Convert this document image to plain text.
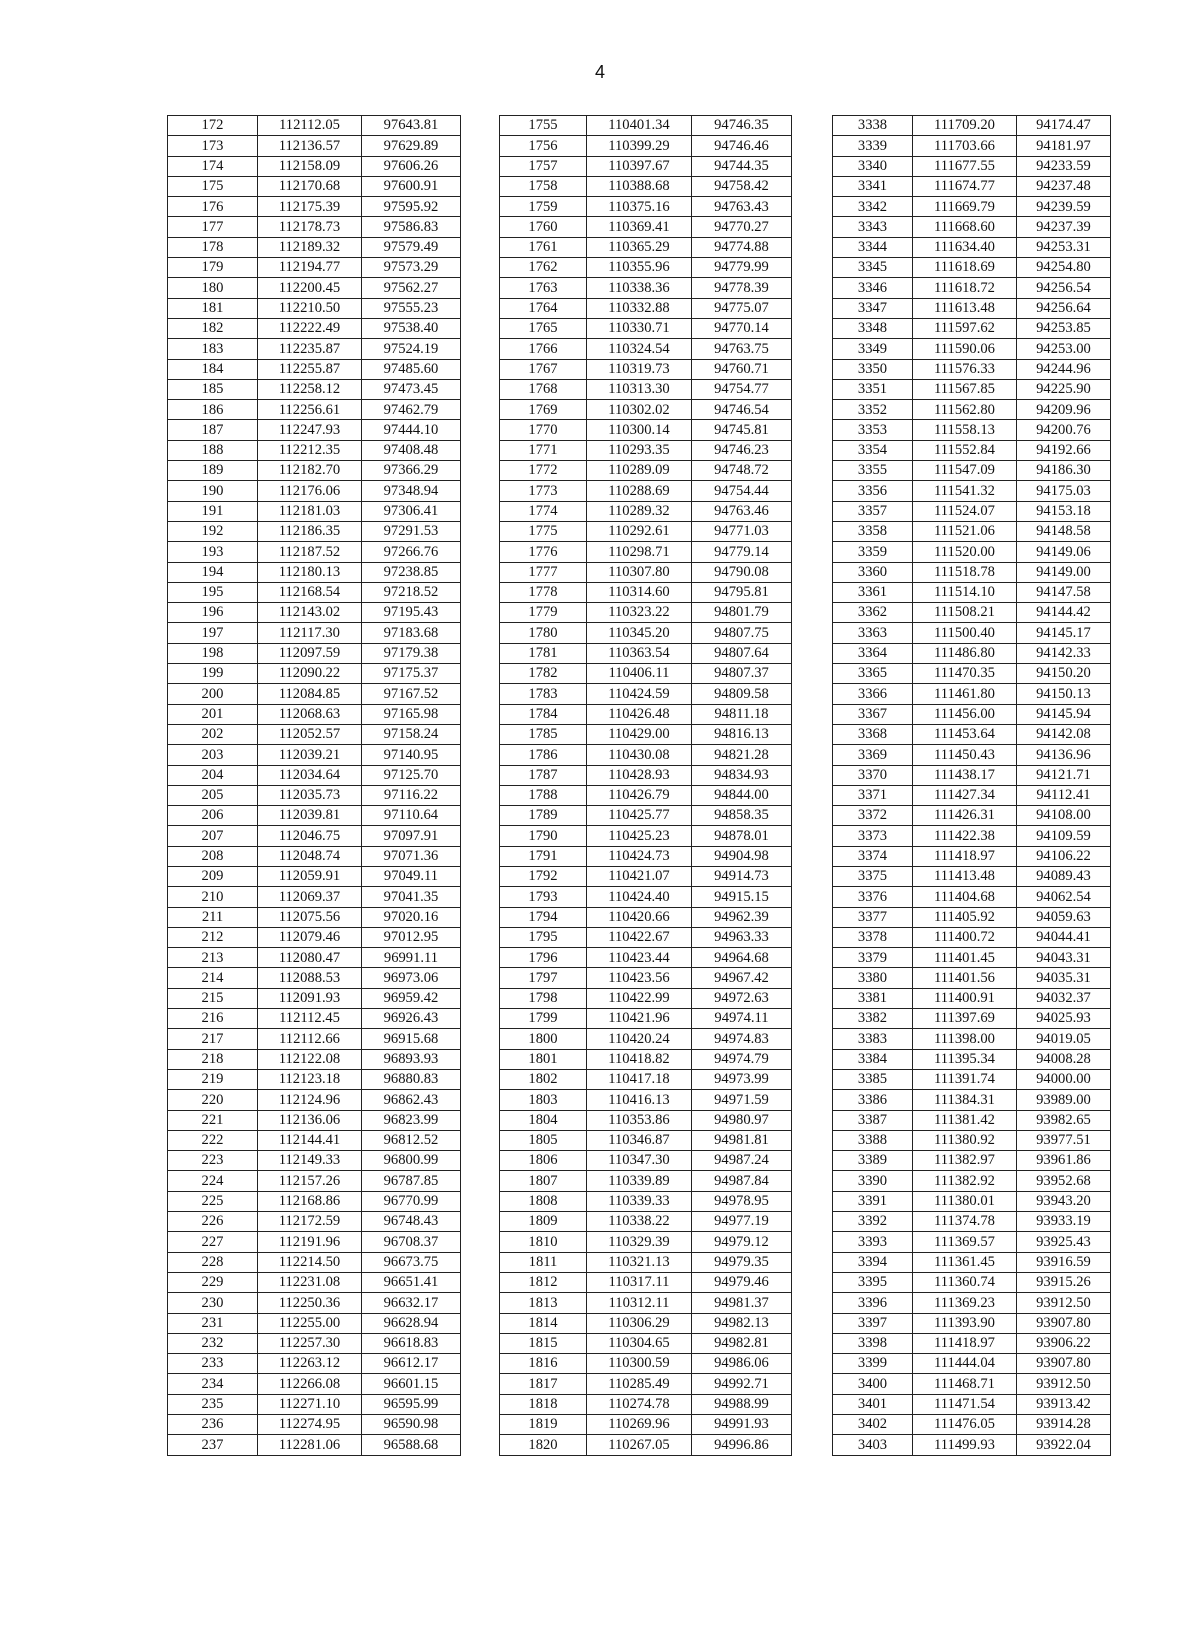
4
172	112112.05	97643.81
173	112136.57	97629.89
174	112158.09	97606.26
175	112170.68	97600.91
176	112175.39	97595.92
177	112178.73	97586.83
178	112189.32	97579.49
179	112194.77	97573.29
180	112200.45	97562.27
181	112210.50	97555.23
182	112222.49	97538.40
183	112235.87	97524.19
184	112255.87	97485.60
185	112258.12	97473.45
186	112256.61	97462.79
187	112247.93	97444.10
188	112212.35	97408.48
189	112182.70	97366.29
190	112176.06	97348.94
191	112181.03	97306.41
192	112186.35	97291.53
193	112187.52	97266.76
194	112180.13	97238.85
195	112168.54	97218.52
196	112143.02	97195.43
197	112117.30	97183.68
198	112097.59	97179.38
199	112090.22	97175.37
200	112084.85	97167.52
201	112068.63	97165.98
202	112052.57	97158.24
203	112039.21	97140.95
204	112034.64	97125.70
205	112035.73	97116.22
206	112039.81	97110.64
207	112046.75	97097.91
208	112048.74	97071.36
209	112059.91	97049.11
210	112069.37	97041.35
211	112075.56	97020.16
212	112079.46	97012.95
213	112080.47	96991.11
214	112088.53	96973.06
215	112091.93	96959.42
216	112112.45	96926.43
217	112112.66	96915.68
218	112122.08	96893.93
219	112123.18	96880.83
220	112124.96	96862.43
221	112136.06	96823.99
222	112144.41	96812.52
223	112149.33	96800.99
224	112157.26	96787.85
225	112168.86	96770.99
226	112172.59	96748.43
227	112191.96	96708.37
228	112214.50	96673.75
229	112231.08	96651.41
230	112250.36	96632.17
231	112255.00	96628.94
232	112257.30	96618.83
233	112263.12	96612.17
234	112266.08	96601.15
235	112271.10	96595.99
236	112274.95	96590.98
237	112281.06	96588.68
1755	110401.34	94746.35
1756	110399.29	94746.46
1757	110397.67	94744.35
1758	110388.68	94758.42
1759	110375.16	94763.43
1760	110369.41	94770.27
1761	110365.29	94774.88
1762	110355.96	94779.99
1763	110338.36	94778.39
1764	110332.88	94775.07
1765	110330.71	94770.14
1766	110324.54	94763.75
1767	110319.73	94760.71
1768	110313.30	94754.77
1769	110302.02	94746.54
1770	110300.14	94745.81
1771	110293.35	94746.23
1772	110289.09	94748.72
1773	110288.69	94754.44
1774	110289.32	94763.46
1775	110292.61	94771.03
1776	110298.71	94779.14
1777	110307.80	94790.08
1778	110314.60	94795.81
1779	110323.22	94801.79
1780	110345.20	94807.75
1781	110363.54	94807.64
1782	110406.11	94807.37
1783	110424.59	94809.58
1784	110426.48	94811.18
1785	110429.00	94816.13
1786	110430.08	94821.28
1787	110428.93	94834.93
1788	110426.79	94844.00
1789	110425.77	94858.35
1790	110425.23	94878.01
1791	110424.73	94904.98
1792	110421.07	94914.73
1793	110424.40	94915.15
1794	110420.66	94962.39
1795	110422.67	94963.33
1796	110423.44	94964.68
1797	110423.56	94967.42
1798	110422.99	94972.63
1799	110421.96	94974.11
1800	110420.24	94974.83
1801	110418.82	94974.79
1802	110417.18	94973.99
1803	110416.13	94971.59
1804	110353.86	94980.97
1805	110346.87	94981.81
1806	110347.30	94987.24
1807	110339.89	94987.84
1808	110339.33	94978.95
1809	110338.22	94977.19
1810	110329.39	94979.12
1811	110321.13	94979.35
1812	110317.11	94979.46
1813	110312.11	94981.37
1814	110306.29	94982.13
1815	110304.65	94982.81
1816	110300.59	94986.06
1817	110285.49	94992.71
1818	110274.78	94988.99
1819	110269.96	94991.93
1820	110267.05	94996.86
3338	111709.20	94174.47
3339	111703.66	94181.97
3340	111677.55	94233.59
3341	111674.77	94237.48
3342	111669.79	94239.59
3343	111668.60	94237.39
3344	111634.40	94253.31
3345	111618.69	94254.80
3346	111618.72	94256.54
3347	111613.48	94256.64
3348	111597.62	94253.85
3349	111590.06	94253.00
3350	111576.33	94244.96
3351	111567.85	94225.90
3352	111562.80	94209.96
3353	111558.13	94200.76
3354	111552.84	94192.66
3355	111547.09	94186.30
3356	111541.32	94175.03
3357	111524.07	94153.18
3358	111521.06	94148.58
3359	111520.00	94149.06
3360	111518.78	94149.00
3361	111514.10	94147.58
3362	111508.21	94144.42
3363	111500.40	94145.17
3364	111486.80	94142.33
3365	111470.35	94150.20
3366	111461.80	94150.13
3367	111456.00	94145.94
3368	111453.64	94142.08
3369	111450.43	94136.96
3370	111438.17	94121.71
3371	111427.34	94112.41
3372	111426.31	94108.00
3373	111422.38	94109.59
3374	111418.97	94106.22
3375	111413.48	94089.43
3376	111404.68	94062.54
3377	111405.92	94059.63
3378	111400.72	94044.41
3379	111401.45	94043.31
3380	111401.56	94035.31
3381	111400.91	94032.37
3382	111397.69	94025.93
3383	111398.00	94019.05
3384	111395.34	94008.28
3385	111391.74	94000.00
3386	111384.31	93989.00
3387	111381.42	93982.65
3388	111380.92	93977.51
3389	111382.97	93961.86
3390	111382.92	93952.68
3391	111380.01	93943.20
3392	111374.78	93933.19
3393	111369.57	93925.43
3394	111361.45	93916.59
3395	111360.74	93915.26
3396	111369.23	93912.50
3397	111393.90	93907.80
3398	111418.97	93906.22
3399	111444.04	93907.80
3400	111468.71	93912.50
3401	111471.54	93913.42
3402	111476.05	93914.28
3403	111499.93	93922.04
